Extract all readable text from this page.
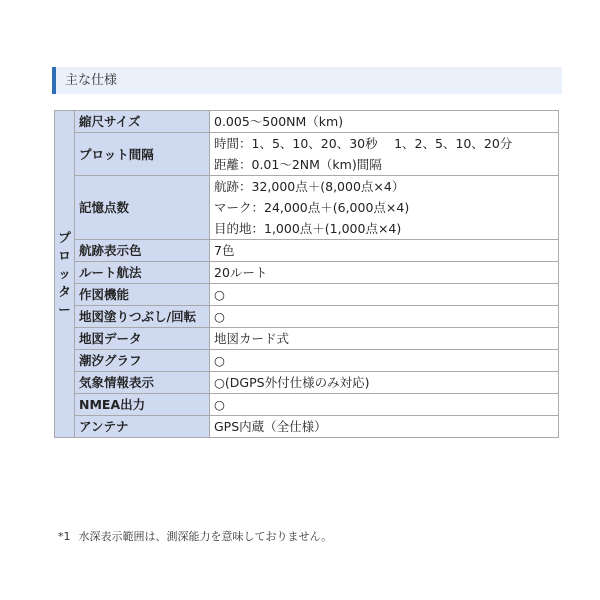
主な仕様
プロッター	縮尺サイズ	0.005～500NM（km)
	プロット間隔	時間：1、5、10、20、30秒　 1、2、5、10、20分
距離：0.01～2NM（km)間隔
	記憶点数	航跡：32,000点＋(8,000点×4）
マーク：24,000点＋(6,000点×4)
目的地：1,000点＋(1,000点×4)
	航跡表示色	7色
	ルート航法	20ルート
	作図機能	○
	地図塗りつぶし/回転	○
	地図データ	地図カード式
	潮汐グラフ	○
	気象情報表示	○(DGPS外付仕様のみ対応)
	NMEA出力	○
	アンテナ	GPS内蔵（全仕様）
*1 水深表示範囲は、測深能力を意味しておりません。
